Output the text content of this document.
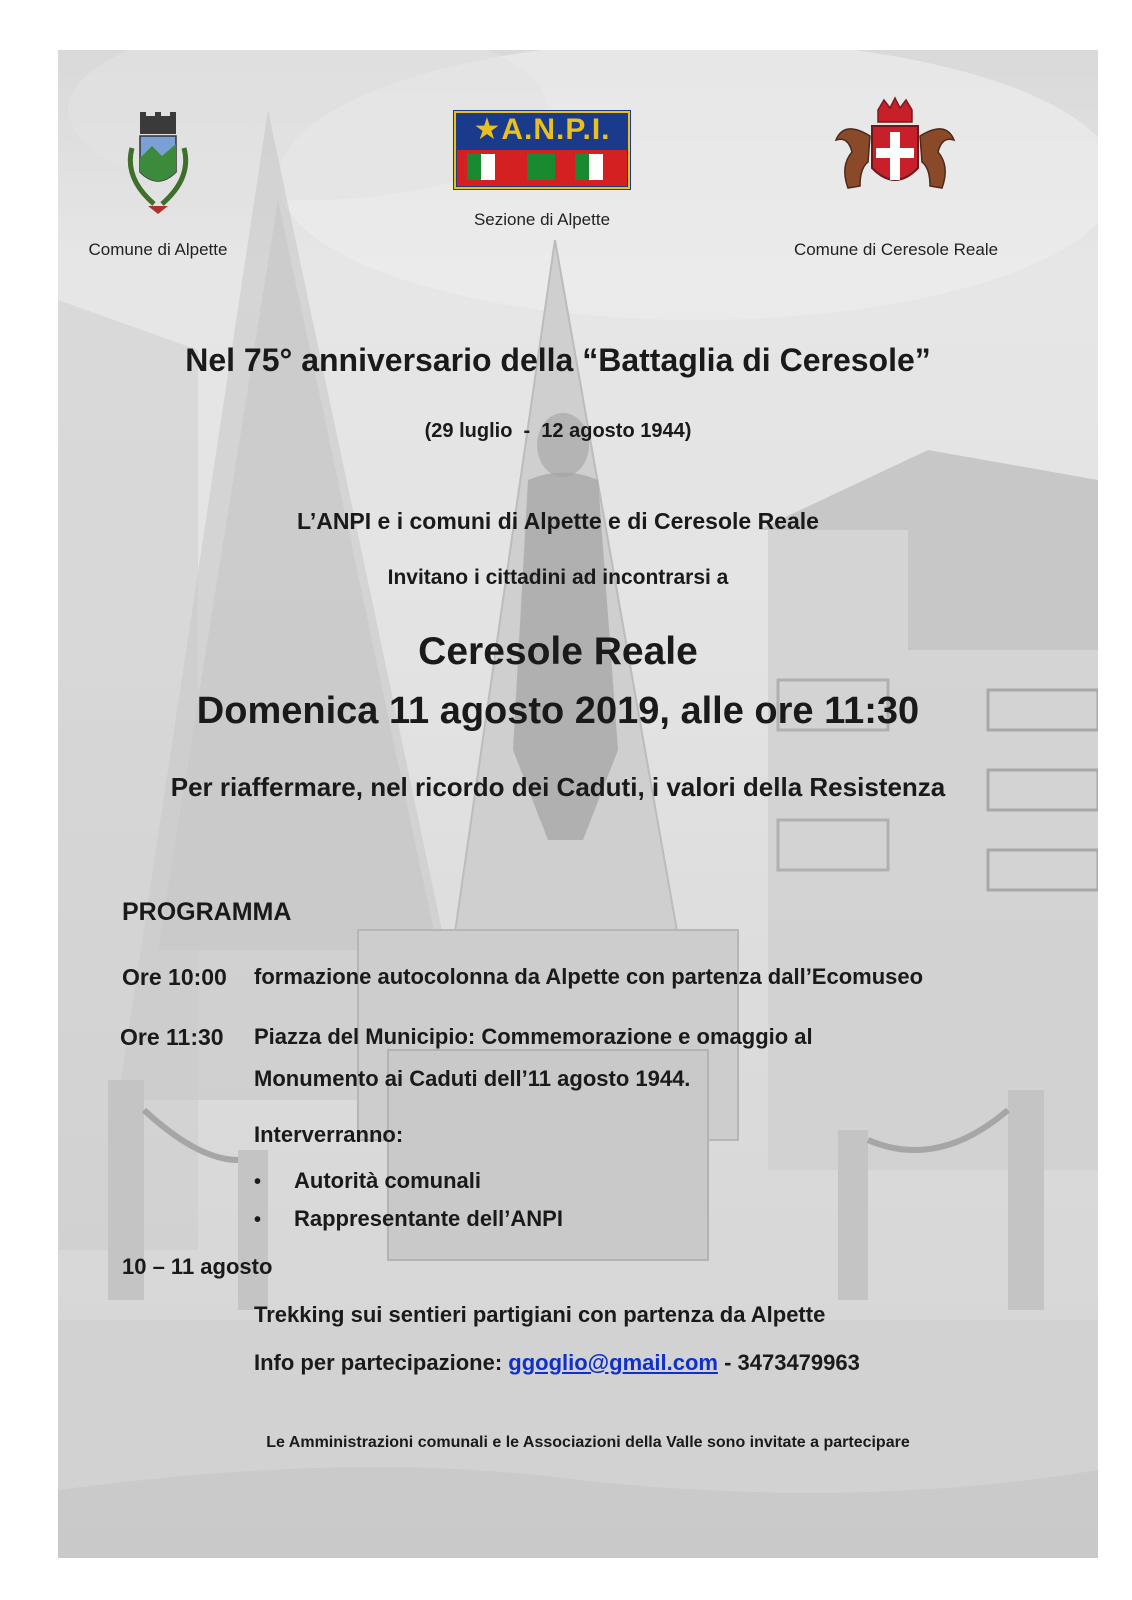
Comune di Alpette
★A.N.P.I.
Sezione di Alpette
Comune di Ceresole Reale
Nel 75° anniversario della “Battaglia di Ceresole”
(29 luglio  -  12 agosto 1944)
L’ANPI e i comuni di Alpette e di Ceresole Reale
Invitano i cittadini ad incontrarsi a
Ceresole Reale
Domenica 11 agosto 2019, alle ore 11:30
Per riaffermare, nel ricordo dei Caduti, i valori della Resistenza
PROGRAMMA
Ore 10:00 formazione autocolonna da Alpette con partenza dall’Ecomuseo
Ore 11:30 Piazza del Municipio: Commemorazione e omaggio al
Monumento ai Caduti dell’11 agosto 1944.
Interverranno:
•	Autorità comunali
•	Rappresentante dell’ANPI
10 – 11 agosto
Trekking sui sentieri partigiani con partenza da Alpette
Info per partecipazione: ggoglio@gmail.com - 3473479963
Le Amministrazioni comunali e le Associazioni della Valle sono invitate a partecipare
